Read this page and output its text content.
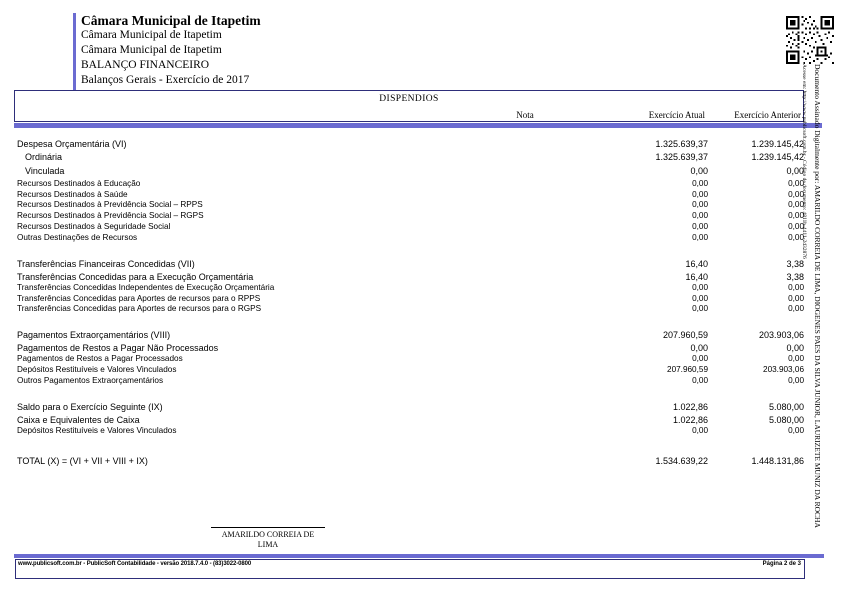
Câmara Municipal de Itapetim
Câmara Municipal de Itapetim
Câmara Municipal de Itapetim
BALANÇO FINANCEIRO
Balanços Gerais - Exercício de 2017
DISPENDIOS
Nota	Exercício Atual	Exercício Anterior
Despesa Orçamentária (VI)	1.325.639,37	1.239.145,42
Ordinária	1.325.639,37	1.239.145,42
Vinculada	0,00	0,00
Recursos Destinados à Educação	0,00	0,00
Recursos Destinados à Saúde	0,00	0,00
Recursos Destinados à Previdência Social – RPPS	0,00	0,00
Recursos Destinados à Previdência Social – RGPS	0,00	0,00
Recursos Destinados à Seguridade Social	0,00	0,00
Outras Destinações de Recursos	0,00	0,00
Transferências Financeiras Concedidas (VII)	16,40	3,38
Transferências Concedidas para a Execução Orçamentária	16,40	3,38
Transferências Concedidas Independentes de Execução Orçamentária	0,00	0,00
Transferências Concedidas para Aportes de recursos para o RPPS	0,00	0,00
Transferências Concedidas para Aportes de recursos para o RGPS	0,00	0,00
Pagamentos Extraorçamentários (VIII)	207.960,59	203.903,06
Pagamentos de Restos a Pagar Não Processados	0,00	0,00
Pagamentos de Restos a Pagar Processados	0,00	0,00
Depósitos Restituíveis e Valores Vinculados	207.960,59	203.903,06
Outros Pagamentos Extraorçamentários	0,00	0,00
Saldo para o Exercício Seguinte (IX)	1.022,86	5.080,00
Caixa e Equivalentes de Caixa	1.022,86	5.080,00
Depósitos Restituíveis e Valores Vinculados	0,00	0,00
TOTAL (X) = (VI + VII + VIII + IX)	1.534.639,22	1.448.131,86
AMARILDO CORREIA DE
LIMA
www.publicsoft.com.br - PublicSoft Contabilidade - versão 2018.7.4.0 - (83)3022-0800	Página 2 de 3
Acesse em: http://www.publicsoft.com.br - Código de documento: 4811b-4411-2d32876 Documento Assinado Digitalmente por: AMARILDO CORREIA DE LIMA, DIOGENES PAES DA SILVA JUNIOR, LAURIZETE MUNIZ DA ROCHA
